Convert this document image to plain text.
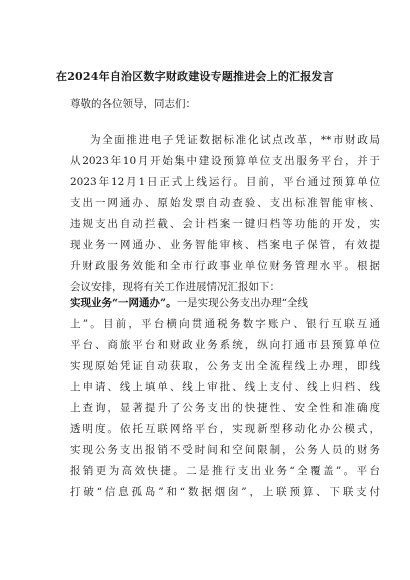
在2024年自治区数字财政建设专题推进会上的汇报发言
尊敬的各位领导，同志们：
为全面推进电子凭证数据标准化试点改革，**市财政局
从2023年10月开始集中建设预算单位支出服务平台，并于
2023年12月1日正式上线运行。目前，平台通过预算单位
支出一网通办、原始发票自动查验、支出标准智能审核、
违规支出自动拦截、会计档案一键归档等功能的开发，实
现业务一网通办、业务智能审核、档案电子保管，有效提
升财政服务效能和全市行政事业单位财务管理水平。根据
会议安排，现将有关工作进展情况汇报如下：
实现业务“一网通办”。一是实现公务支出办理“全线
上”。目前，平台横向贯通税务数字账户、银行互联互通
平台、商旅平台和财政业务系统，纵向打通市县预算单位
实现原始凭证自动获取，公务支出全流程线上办理，即线
上申请、线上填单、线上审批、线上支付、线上归档、线
上查询，显著提升了公务支出的快捷性、安全性和准确度
透明度。依托互联网络平台，实现新型移动化办公模式，
实现公务支出报销不受时间和空间限制，公务人员的财务
报销更为高效快捷。二是推行支出业务“全覆盖”。平台
打破“信息孤岛”和“数据烟囱”，上联预算、下联支付
